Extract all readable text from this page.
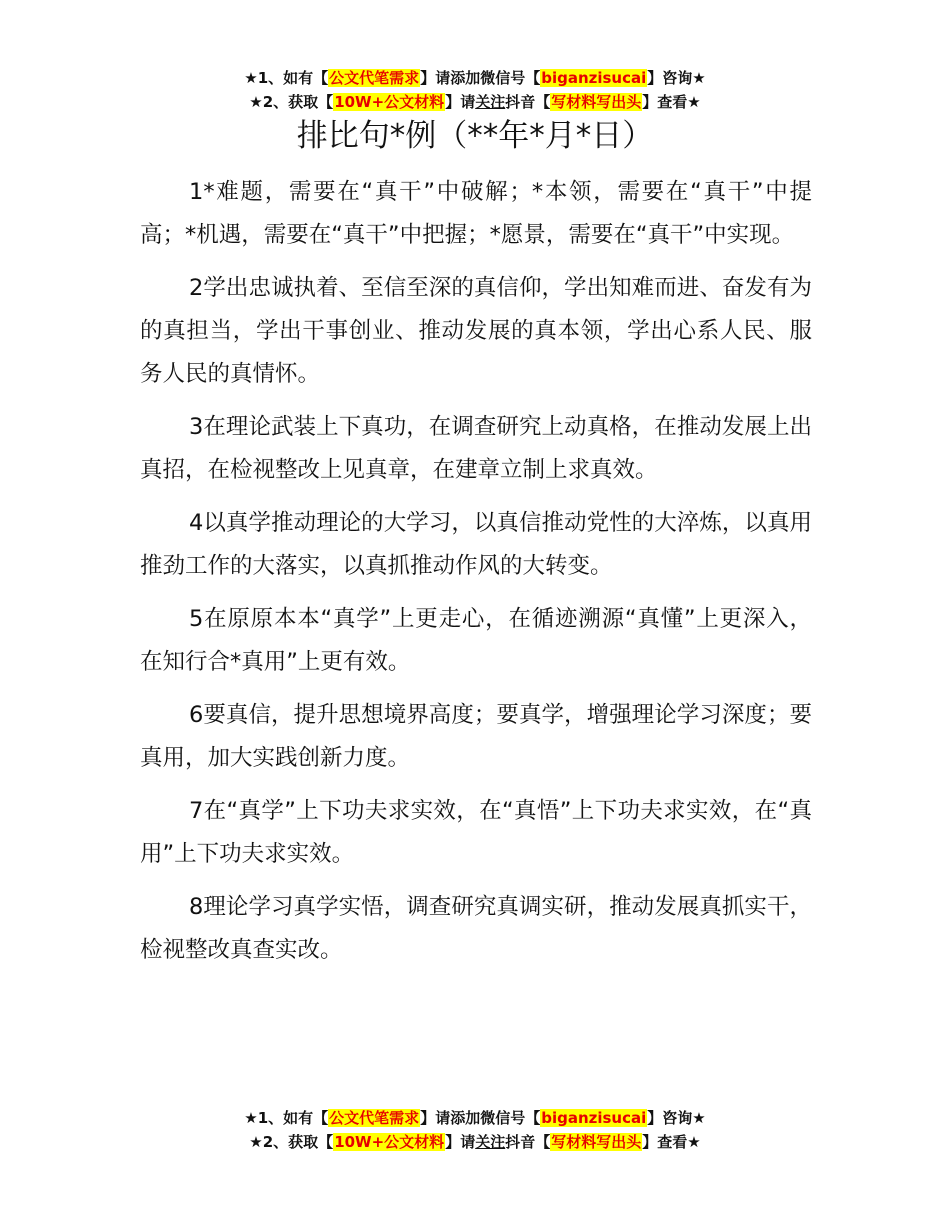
★1、如有【公文代笔需求】请添加微信号【biganzisucai】咨询★
★2、获取【10W+公文材料】请关注抖音【写材料写出头】查看★
排比句*例（**年*月*日）

1*难题，需要在“真干”中破解；*本领，需要在“真干”中提高；*机遇，需要在“真干”中把握；*愿景，需要在“真干”中实现。

2学出忠诚执着、至信至深的真信仰，学出知难而进、奋发有为的真担当，学出干事创业、推动发展的真本领，学出心系人民、服务人民的真情怀。

3在理论武装上下真功，在调查研究上动真格，在推动发展上出真招，在检视整改上见真章，在建章立制上求真效。

4以真学推动理论的大学习，以真信推动党性的大淬炼，以真用推劲工作的大落实，以真抓推动作风的大转变。

5在原原本本“真学”上更走心，在循迹溯源“真懂”上更深入，在知行合*真用”上更有效。

6要真信，提升思想境界高度；要真学，增强理论学习深度；要真用，加大实践创新力度。

7在“真学”上下功夫求实效，在“真悟”上下功夫求实效，在“真用”上下功夫求实效。

8理论学习真学实悟，调查研究真调实研，推动发展真抓实干，检视整改真查实改。

★1、如有【公文代笔需求】请添加微信号【biganzisucai】咨询★
★2、获取【10W+公文材料】请关注抖音【写材料写出头】查看★
